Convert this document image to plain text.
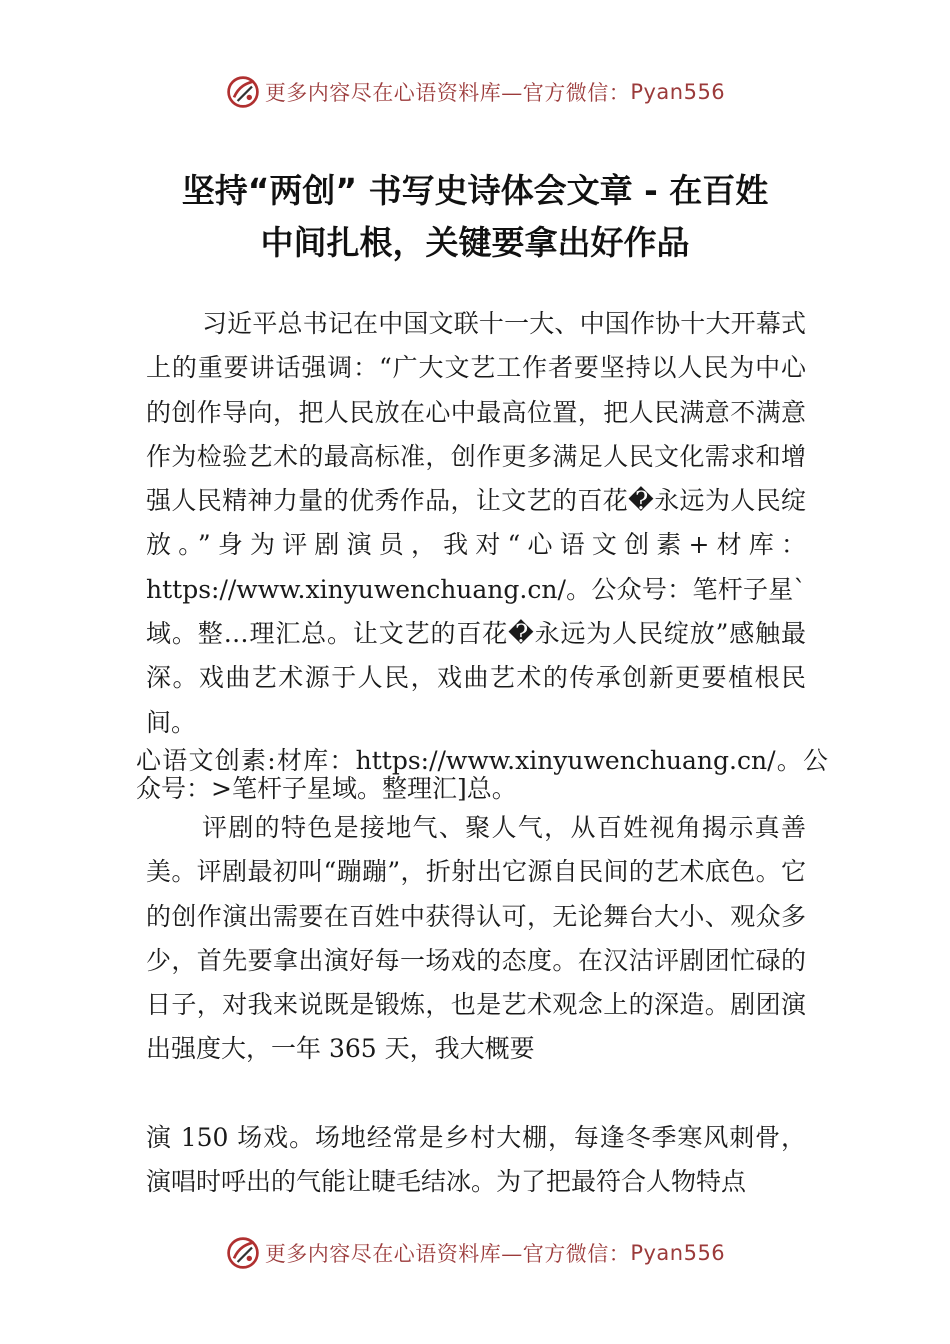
更多内容尽在心语资料库—官方微信： Pyan556
坚持“两创” 书写史诗体会文章 - 在百姓
中间扎根，关键要拿出好作品

习近平总书记在中国文联十一大、中国作协十大开幕式上的重要讲话强调：“广大文艺工作者要坚持以人民为中心的创作导向，把人民放在心中最高位置，把人民满意不满意作为检验艺术的最高标准，创作更多满足人民文化需求和增强人民精神力量的优秀作品，让文艺的百花�永远为人民绽放。”身为评剧演员，我对“心语文创素+材库：https://www.xinyuwenchuang.cn/。公众号：笔杆子星`域。整…理汇总。让文艺的百花�永远为人民绽放”感触最深。戏曲艺术源于人民，戏曲艺术的传承创新更要植根民间。

心语文创素:材库：https://www.xinyuwenchuang.cn/。公众号：>笔杆子星域。整理汇]总。

评剧的特色是接地气、聚人气，从百姓视角揭示真善美。评剧最初叫“蹦蹦”，折射出它源自民间的艺术底色。它的创作演出需要在百姓中获得认可，无论舞台大小、观众多少，首先要拿出演好每一场戏的态度。在汉沽评剧团忙碌的日子，对我来说既是锻炼，也是艺术观念上的深造。剧团演出强度大，一年 365 天，我大概要

演 150 场戏。场地经常是乡村大棚，每逢冬季寒风刺骨，演唱时呼出的气能让睫毛结冰。为了把最符合人物特点

更多内容尽在心语资料库—官方微信： Pyan556
